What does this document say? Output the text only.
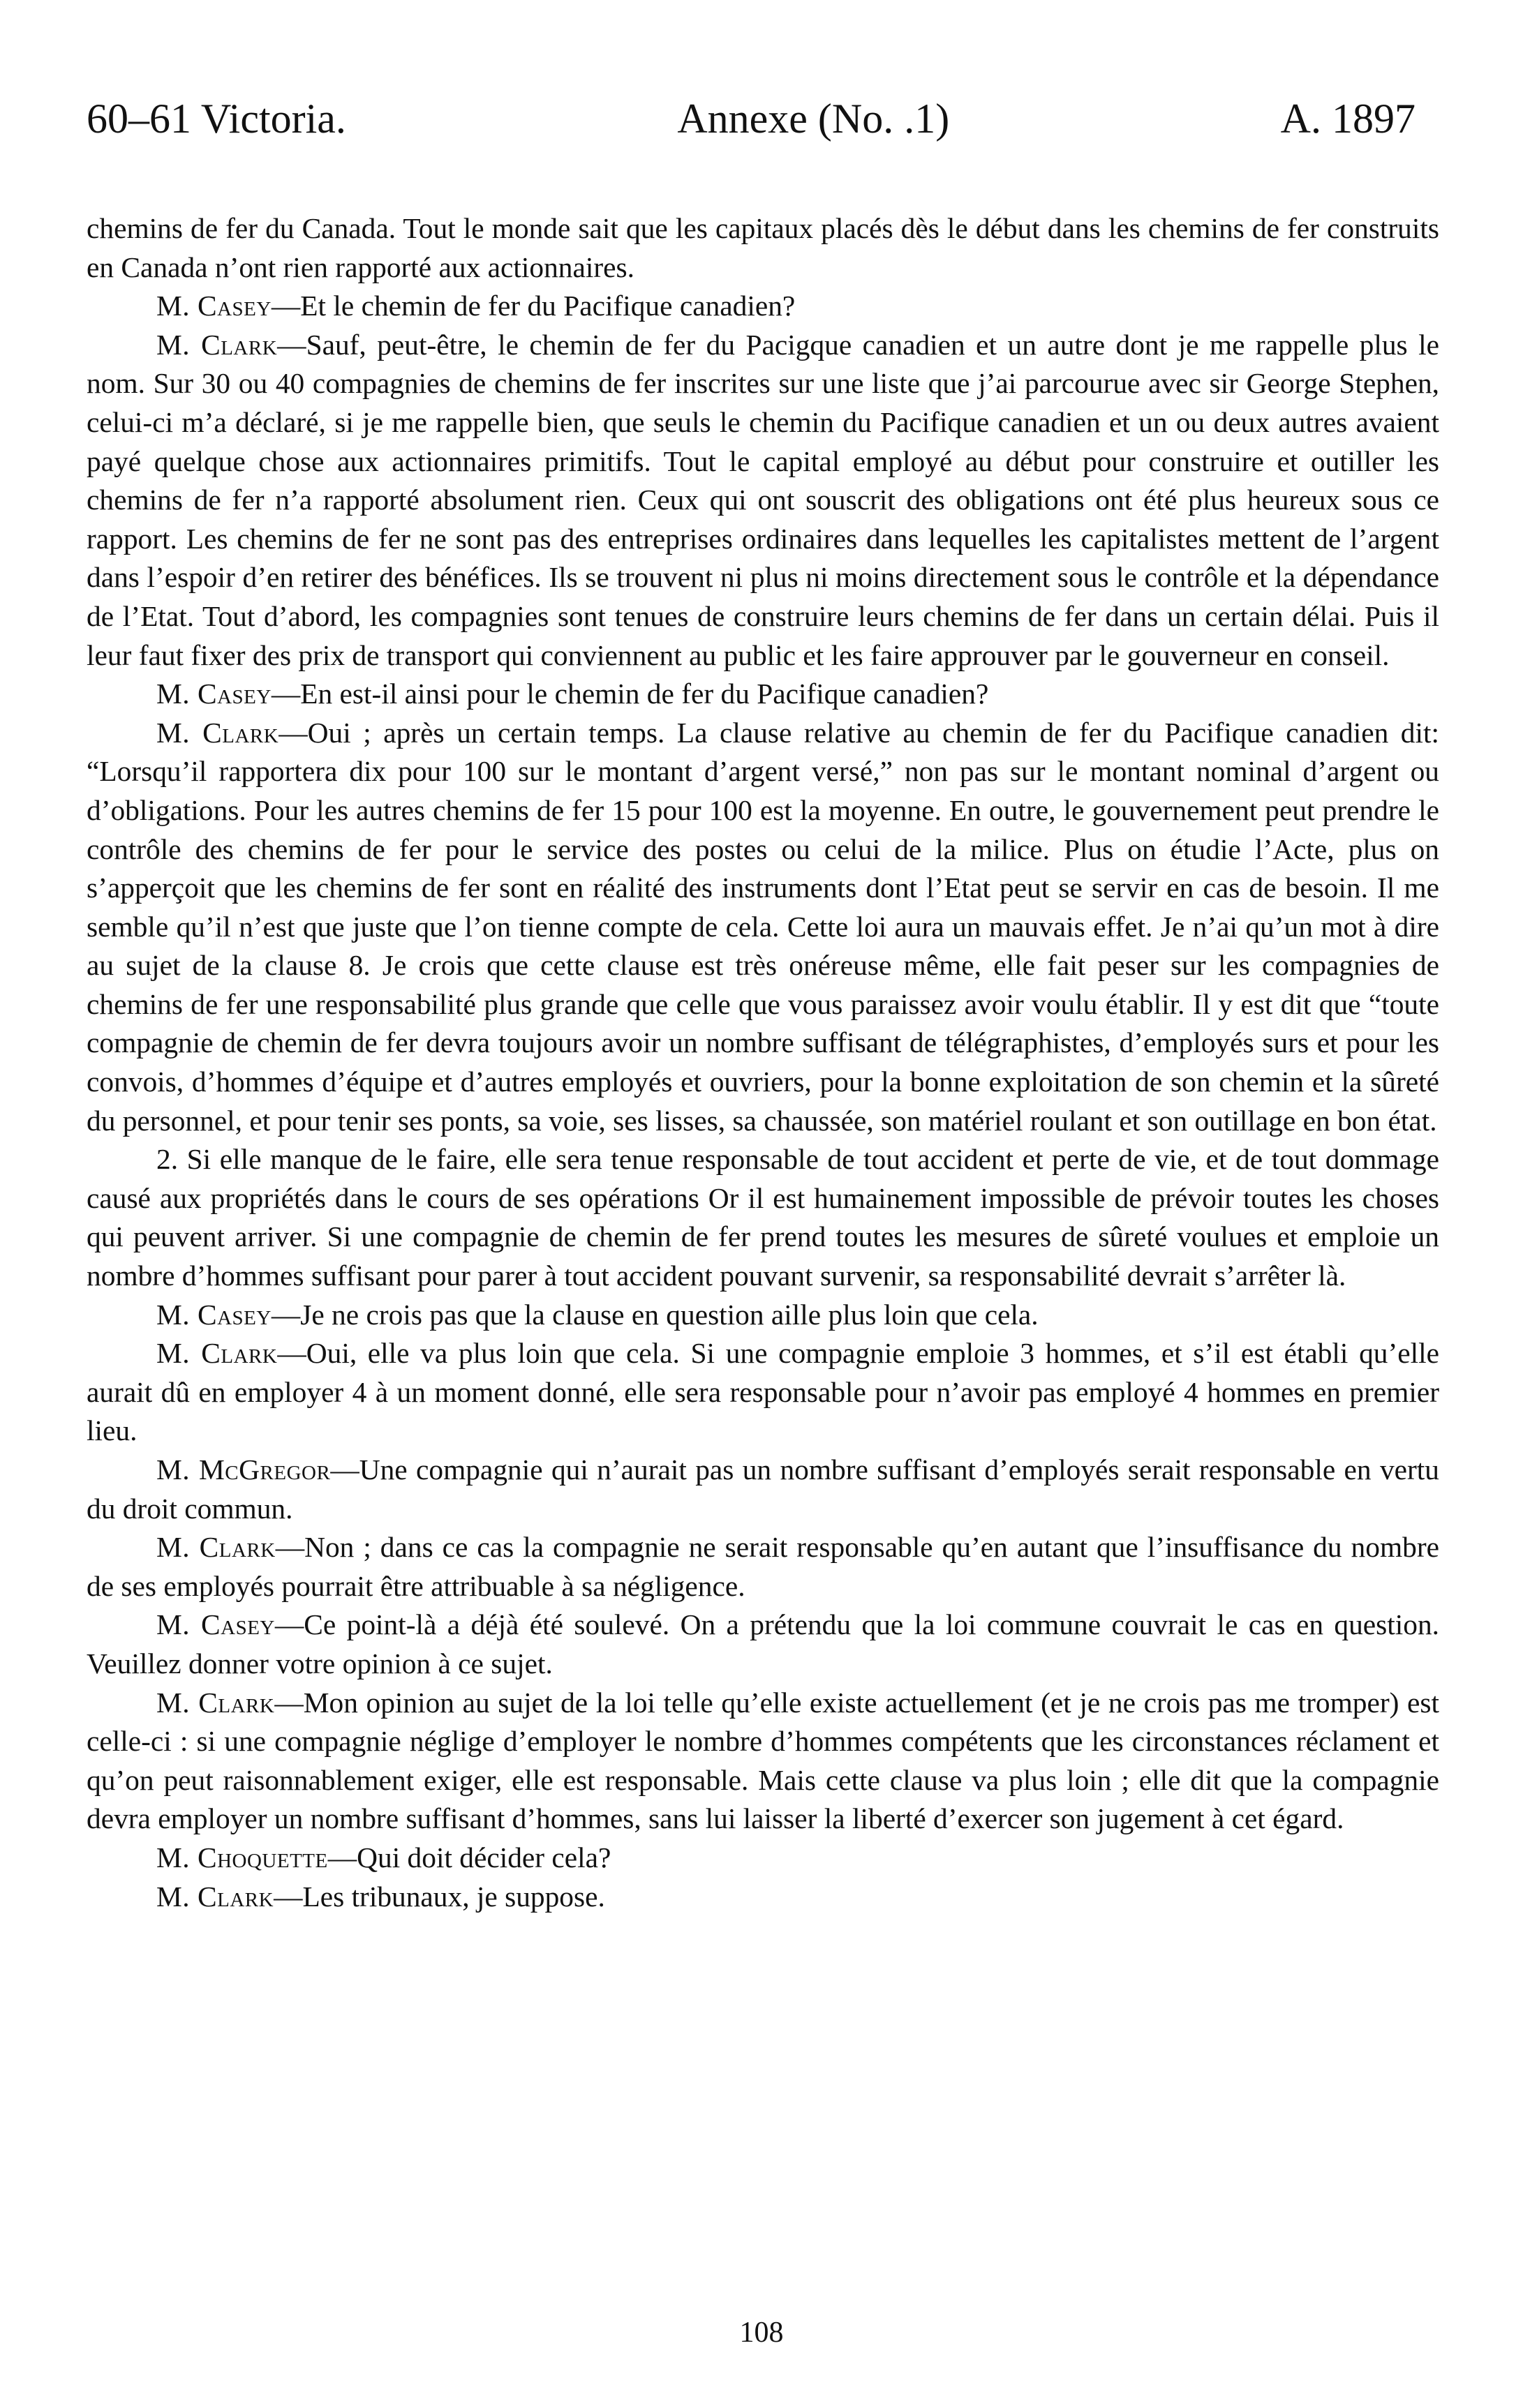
60–61 Victoria.	Annexe (No. .1)	A. 1897

chemins de fer du Canada. Tout le monde sait que les capitaux placés dès le début dans les chemins de fer construits en Canada n’ont rien rapporté aux actionnaires.

M. Casey—Et le chemin de fer du Pacifique canadien?

M. Clark—Sauf, peut-être, le chemin de fer du Pacigque canadien et un autre dont je me rappelle plus le nom. Sur 30 ou 40 compagnies de chemins de fer inscrites sur une liste que j’ai parcourue avec sir George Stephen, celui-ci m’a déclaré, si je me rappelle bien, que seuls le chemin du Pacifique canadien et un ou deux autres avaient payé quelque chose aux actionnaires primitifs. Tout le capital employé au début pour construire et outiller les chemins de fer n’a rapporté absolument rien. Ceux qui ont souscrit des obligations ont été plus heureux sous ce rapport. Les chemins de fer ne sont pas des entreprises ordinaires dans lequelles les capitalistes mettent de l’argent dans l’espoir d’en retirer des bénéfices. Ils se trouvent ni plus ni moins directement sous le contrôle et la dépendance de l’Etat. Tout d’abord, les compagnies sont tenues de construire leurs chemins de fer dans un certain délai. Puis il leur faut fixer des prix de transport qui conviennent au public et les faire approuver par le gouverneur en conseil.

M. Casey—En est-il ainsi pour le chemin de fer du Pacifique canadien?

M. Clark—Oui ; après un certain temps. La clause relative au chemin de fer du Pacifique canadien dit: “Lorsqu’il rapportera dix pour 100 sur le montant d’argent versé,” non pas sur le montant nominal d’argent ou d’obligations. Pour les autres chemins de fer 15 pour 100 est la moyenne. En outre, le gouvernement peut prendre le contrôle des chemins de fer pour le service des postes ou celui de la milice. Plus on étudie l’Acte, plus on s’apperçoit que les chemins de fer sont en réalité des instruments dont l’Etat peut se servir en cas de besoin. Il me semble qu’il n’est que juste que l’on tienne compte de cela. Cette loi aura un mauvais effet. Je n’ai qu’un mot à dire au sujet de la clause 8. Je crois que cette clause est très onéreuse même, elle fait peser sur les compagnies de chemins de fer une responsabilité plus grande que celle que vous paraissez avoir voulu établir. Il y est dit que “toute compagnie de chemin de fer devra toujours avoir un nombre suffisant de télégraphistes, d’employés surs et pour les convois, d’hommes d’équipe et d’autres employés et ouvriers, pour la bonne exploitation de son chemin et la sûreté du personnel, et pour tenir ses ponts, sa voie, ses lisses, sa chaussée, son matériel roulant et son outillage en bon état.

2. Si elle manque de le faire, elle sera tenue responsable de tout accident et perte de vie, et de tout dommage causé aux propriétés dans le cours de ses opérations Or il est humainement impossible de prévoir toutes les choses qui peuvent arriver. Si une compagnie de chemin de fer prend toutes les mesures de sûreté voulues et emploie un nombre d’hommes suffisant pour parer à tout accident pouvant survenir, sa responsabilité devrait s’arrêter là.

M. Casey—Je ne crois pas que la clause en question aille plus loin que cela.

M. Clark—Oui, elle va plus loin que cela. Si une compagnie emploie 3 hommes, et s’il est établi qu’elle aurait dû en employer 4 à un moment donné, elle sera responsable pour n’avoir pas employé 4 hommes en premier lieu.

M. McGregor—Une compagnie qui n’aurait pas un nombre suffisant d’employés serait responsable en vertu du droit commun.

M. Clark—Non ; dans ce cas la compagnie ne serait responsable qu’en autant que l’insuffisance du nombre de ses employés pourrait être attribuable à sa négligence.

M. Casey—Ce point-là a déjà été soulevé. On a prétendu que la loi commune couvrait le cas en question. Veuillez donner votre opinion à ce sujet.

M. Clark—Mon opinion au sujet de la loi telle qu’elle existe actuellement (et je ne crois pas me tromper) est celle-ci : si une compagnie néglige d’employer le nombre d’hommes compétents que les circonstances réclament et qu’on peut raisonnablement exiger, elle est responsable. Mais cette clause va plus loin ; elle dit que la compagnie devra employer un nombre suffisant d’hommes, sans lui laisser la liberté d’exercer son jugement à cet égard.

M. Choquette—Qui doit décider cela?

M. Clark—Les tribunaux, je suppose.

108
